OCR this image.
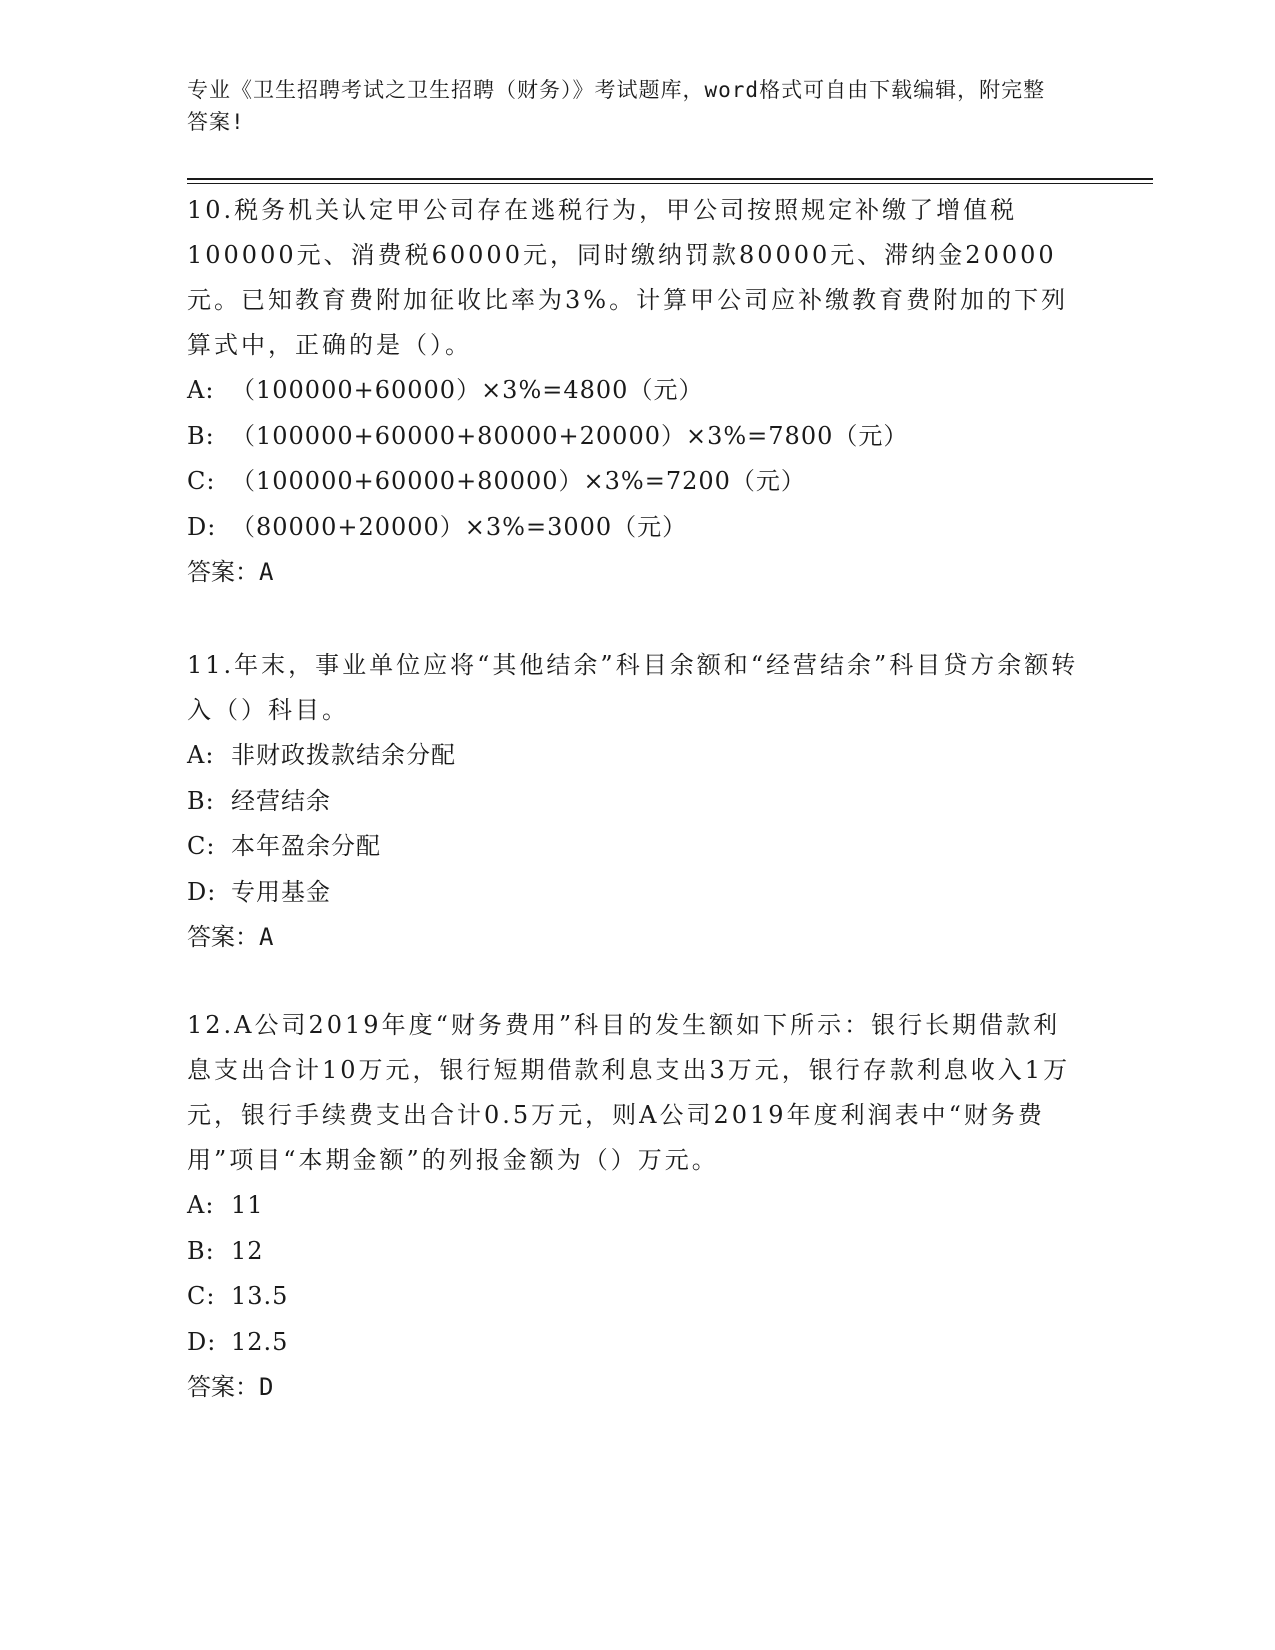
专业《卫生招聘考试之卫生招聘（财务）》考试题库，word格式可自由下载编辑，附完整答案!

10.税务机关认定甲公司存在逃税行为，甲公司按照规定补缴了增值税100000元、消费税60000元，同时缴纳罚款80000元、滞纳金20000元。已知教育费附加征收比率为3%。计算甲公司应补缴教育费附加的下列算式中，正确的是（）。

A: （100000+60000）×3%=4800（元）

B: （100000+60000+80000+20000）×3%=7800（元）

C: （100000+60000+80000）×3%=7200（元）

D: （80000+20000）×3%=3000（元）

答案：A

11.年末，事业单位应将“其他结余”科目余额和“经营结余”科目贷方余额转入（）科目。

A: 非财政拨款结余分配

B: 经营结余

C: 本年盈余分配

D: 专用基金

答案：A

12.A公司2019年度“财务费用”科目的发生额如下所示：银行长期借款利息支出合计10万元，银行短期借款利息支出3万元，银行存款利息收入1万元，银行手续费支出合计0.5万元，则A公司2019年度利润表中“财务费用”项目“本期金额”的列报金额为（）万元。

A: 11

B: 12

C: 13.5

D: 12.5

答案：D
